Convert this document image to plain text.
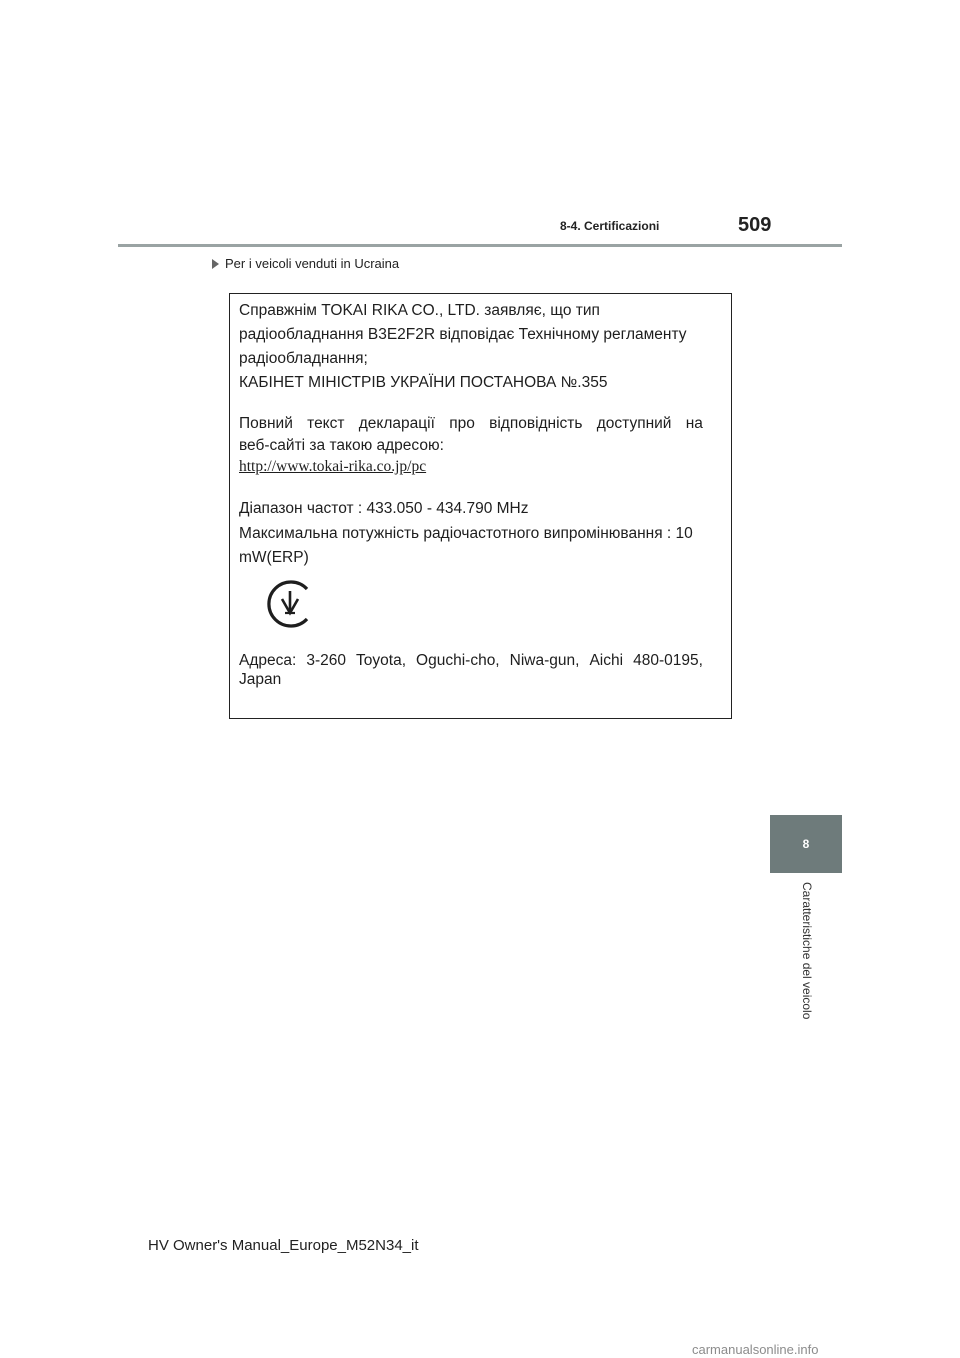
8-4. Certificazioni	509
Per i veicoli venduti in Ucraina
Справжнім TOKAI RIKA CO., LTD. заявляє, що тип
радіообладнання B3E2F2R відповідає Технічному регламенту
радіообладнання;
КАБІНЕТ МІНІСТРІВ УКРАЇНИ ПОСТАНОВА №.355
Повний текст декларації про відповідність доступний на
веб-сайті за такою адресою:
http://www.tokai-rika.co.jp/pc
Діапазон частот : 433.050 - 434.790 MHz
Максимальна потужність радіочастотного випромінювання : 10
mW(ERP)
Адреса: 3-260 Toyota, Oguchi-cho, Niwa-gun, Aichi 480-0195,
Japan
8
Caratteristiche del veicolo
HV Owner's Manual_Europe_M52N34_it
carmanualsonline.info
